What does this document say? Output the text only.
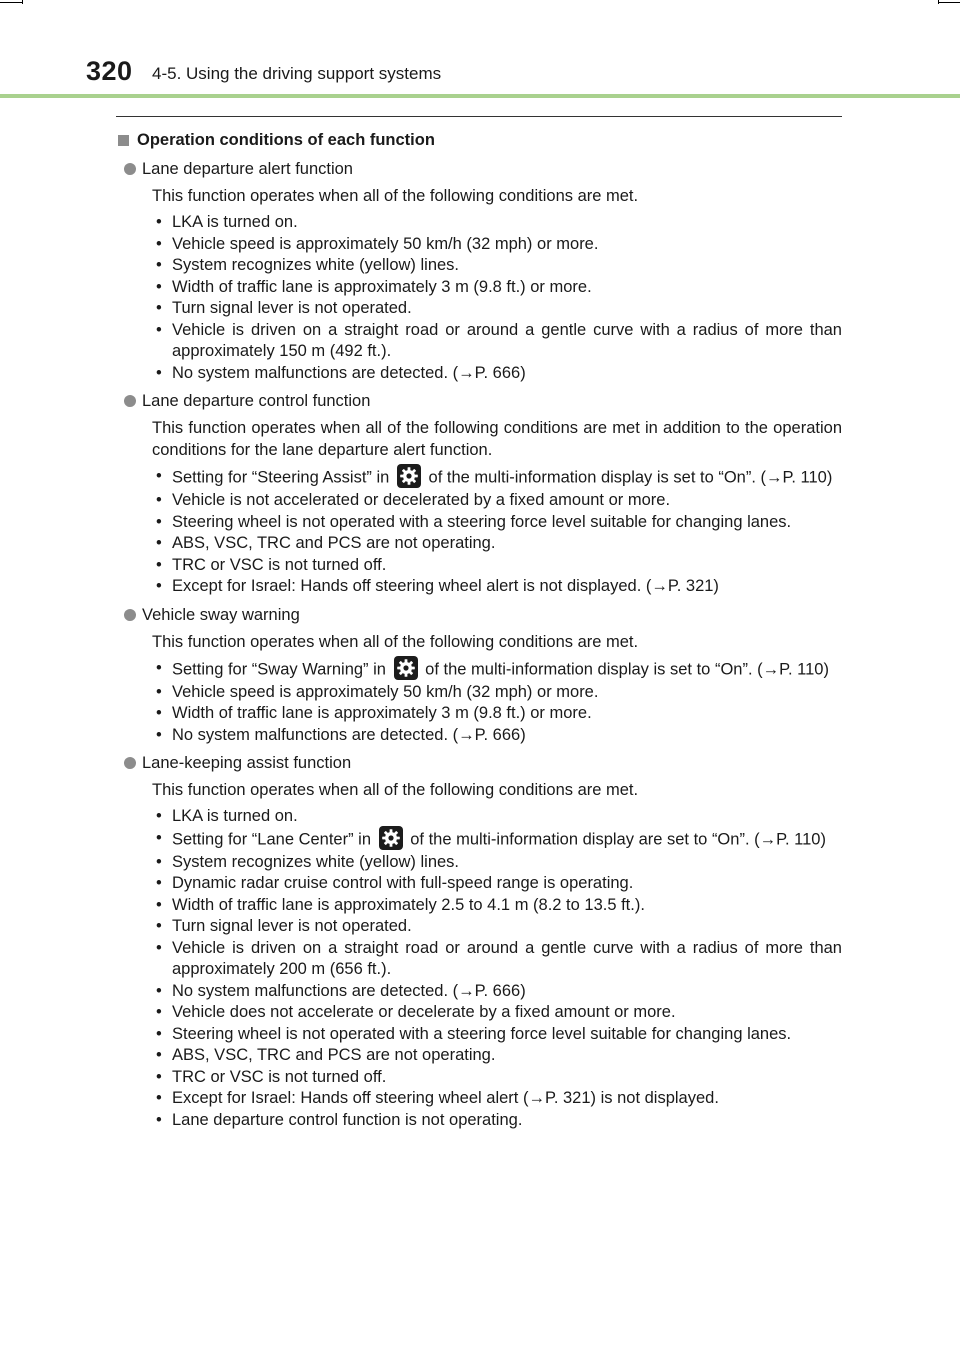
320 4-5. Using the driving support systems
Operation conditions of each function
Lane departure alert function
This function operates when all of the following conditions are met.
• LKA is turned on.
• Vehicle speed is approximately 50 km/h (32 mph) or more.
• System recognizes white (yellow) lines.
• Width of traffic lane is approximately 3 m (9.8 ft.) or more.
• Turn signal lever is not operated.
• Vehicle is driven on a straight road or around a gentle curve with a radius of more than approximately 150 m (492 ft.).
• No system malfunctions are detected. (→P. 666)
Lane departure control function
This function operates when all of the following conditions are met in addition to the operation conditions for the lane departure alert function.
• Setting for “Steering Assist” in of the multi-information display is set to “On”. (→P. 110)
• Vehicle is not accelerated or decelerated by a fixed amount or more.
• Steering wheel is not operated with a steering force level suitable for changing lanes.
• ABS, VSC, TRC and PCS are not operating.
• TRC or VSC is not turned off.
• Except for Israel: Hands off steering wheel alert is not displayed. (→P. 321)
Vehicle sway warning
This function operates when all of the following conditions are met.
• Setting for “Sway Warning” in of the multi-information display is set to “On”. (→P. 110)
• Vehicle speed is approximately 50 km/h (32 mph) or more.
• Width of traffic lane is approximately 3 m (9.8 ft.) or more.
• No system malfunctions are detected. (→P. 666)
Lane-keeping assist function
This function operates when all of the following conditions are met.
• LKA is turned on.
• Setting for “Lane Center” in of the multi-information display are set to “On”. (→P. 110)
• System recognizes white (yellow) lines.
• Dynamic radar cruise control with full-speed range is operating.
• Width of traffic lane is approximately 2.5 to 4.1 m (8.2 to 13.5 ft.).
• Turn signal lever is not operated.
• Vehicle is driven on a straight road or around a gentle curve with a radius of more than approximately 200 m (656 ft.).
• No system malfunctions are detected. (→P. 666)
• Vehicle does not accelerate or decelerate by a fixed amount or more.
• Steering wheel is not operated with a steering force level suitable for changing lanes.
• ABS, VSC, TRC and PCS are not operating.
• TRC or VSC is not turned off.
• Except for Israel: Hands off steering wheel alert (→P. 321) is not displayed.
• Lane departure control function is not operating.
